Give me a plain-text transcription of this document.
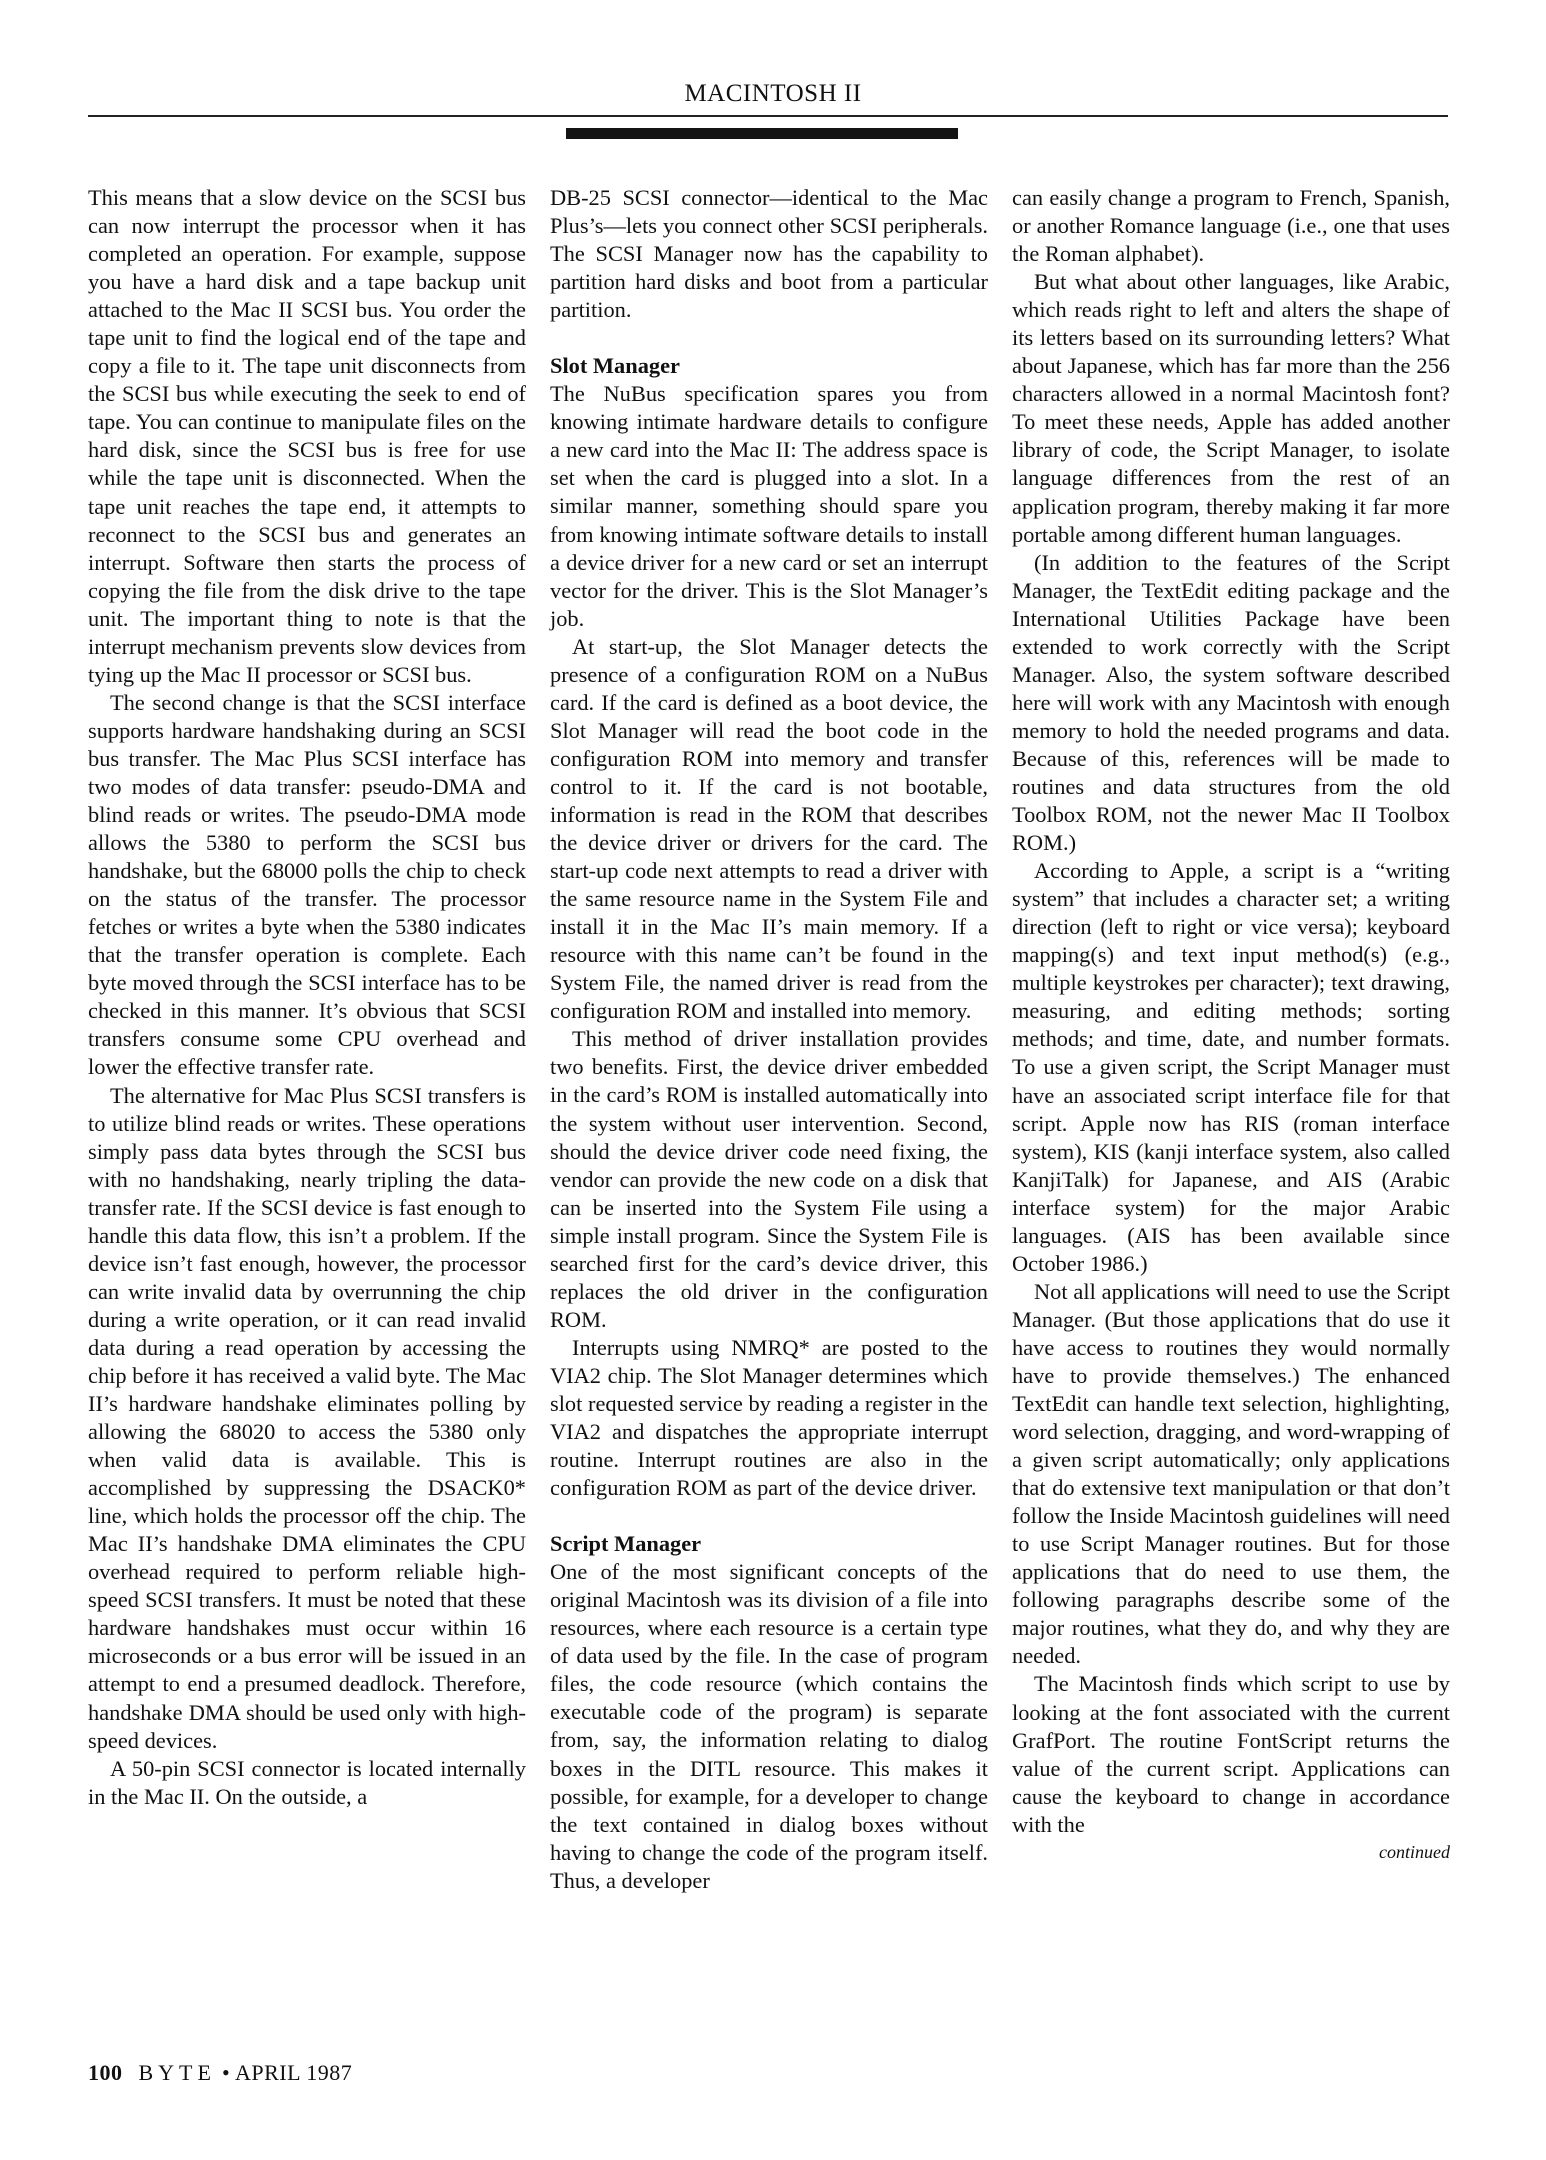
MACINTOSH II

This means that a slow device on the SCSI bus can now interrupt the processor when it has completed an operation. For example, suppose you have a hard disk and a tape backup unit attached to the Mac II SCSI bus. You order the tape unit to find the logical end of the tape and copy a file to it. The tape unit disconnects from the SCSI bus while executing the seek to end of tape. You can continue to manipulate files on the hard disk, since the SCSI bus is free for use while the tape unit is disconnected. When the tape unit reaches the tape end, it attempts to reconnect to the SCSI bus and generates an interrupt. Software then starts the process of copying the file from the disk drive to the tape unit. The important thing to note is that the interrupt mechanism prevents slow devices from tying up the Mac II processor or SCSI bus.

The second change is that the SCSI interface supports hardware handshaking during an SCSI bus transfer. The Mac Plus SCSI interface has two modes of data transfer: pseudo-DMA and blind reads or writes. The pseudo-DMA mode allows the 5380 to perform the SCSI bus handshake, but the 68000 polls the chip to check on the status of the transfer. The processor fetches or writes a byte when the 5380 indicates that the transfer operation is complete. Each byte moved through the SCSI interface has to be checked in this manner. It’s obvious that SCSI transfers consume some CPU overhead and lower the effective transfer rate.

The alternative for Mac Plus SCSI transfers is to utilize blind reads or writes. These operations simply pass data bytes through the SCSI bus with no handshaking, nearly tripling the data-transfer rate. If the SCSI device is fast enough to handle this data flow, this isn’t a problem. If the device isn’t fast enough, however, the processor can write invalid data by overrunning the chip during a write operation, or it can read invalid data during a read operation by accessing the chip before it has received a valid byte. The Mac II’s hardware handshake eliminates polling by allowing the 68020 to access the 5380 only when valid data is available. This is accomplished by suppressing the DSACK0* line, which holds the processor off the chip. The Mac II’s handshake DMA eliminates the CPU overhead required to perform reliable high-speed SCSI transfers. It must be noted that these hardware handshakes must occur within 16 microseconds or a bus error will be issued in an attempt to end a presumed deadlock. Therefore, handshake DMA should be used only with high-speed devices.

A 50-pin SCSI connector is located internally in the Mac II. On the outside, a

DB-25 SCSI connector—identical to the Mac Plus’s—lets you connect other SCSI peripherals. The SCSI Manager now has the capability to partition hard disks and boot from a particular partition.

Slot Manager

The NuBus specification spares you from knowing intimate hardware details to configure a new card into the Mac II: The address space is set when the card is plugged into a slot. In a similar manner, something should spare you from knowing intimate software details to install a device driver for a new card or set an interrupt vector for the driver. This is the Slot Manager’s job.

At start-up, the Slot Manager detects the presence of a configuration ROM on a NuBus card. If the card is defined as a boot device, the Slot Manager will read the boot code in the configuration ROM into memory and transfer control to it. If the card is not bootable, information is read in the ROM that describes the device driver or drivers for the card. The start-up code next attempts to read a driver with the same resource name in the System File and install it in the Mac II’s main memory. If a resource with this name can’t be found in the System File, the named driver is read from the configuration ROM and installed into memory.

This method of driver installation provides two benefits. First, the device driver embedded in the card’s ROM is installed automatically into the system without user intervention. Second, should the device driver code need fixing, the vendor can provide the new code on a disk that can be inserted into the System File using a simple install program. Since the System File is searched first for the card’s device driver, this replaces the old driver in the configuration ROM.

Interrupts using NMRQ* are posted to the VIA2 chip. The Slot Manager determines which slot requested service by reading a register in the VIA2 and dispatches the appropriate interrupt routine. Interrupt routines are also in the configuration ROM as part of the device driver.

Script Manager

One of the most significant concepts of the original Macintosh was its division of a file into resources, where each resource is a certain type of data used by the file. In the case of program files, the code resource (which contains the executable code of the program) is separate from, say, the information relating to dialog boxes in the DITL resource. This makes it possible, for example, for a developer to change the text contained in dialog boxes without having to change the code of the program itself. Thus, a developer

can easily change a program to French, Spanish, or another Romance language (i.e., one that uses the Roman alphabet).

But what about other languages, like Arabic, which reads right to left and alters the shape of its letters based on its surrounding letters? What about Japanese, which has far more than the 256 characters allowed in a normal Macintosh font? To meet these needs, Apple has added another library of code, the Script Manager, to isolate language differences from the rest of an application program, thereby making it far more portable among different human languages.

(In addition to the features of the Script Manager, the TextEdit editing package and the International Utilities Package have been extended to work correctly with the Script Manager. Also, the system software described here will work with any Macintosh with enough memory to hold the needed programs and data. Because of this, references will be made to routines and data structures from the old Toolbox ROM, not the newer Mac II Toolbox ROM.)

According to Apple, a script is a “writing system” that includes a character set; a writing direction (left to right or vice versa); keyboard mapping(s) and text input method(s) (e.g., multiple keystrokes per character); text drawing, measuring, and editing methods; sorting methods; and time, date, and number formats. To use a given script, the Script Manager must have an associated script interface file for that script. Apple now has RIS (roman interface system), KIS (kanji interface system, also called KanjiTalk) for Japanese, and AIS (Arabic interface system) for the major Arabic languages. (AIS has been available since October 1986.)

Not all applications will need to use the Script Manager. (But those applications that do use it have access to routines they would normally have to provide themselves.) The enhanced TextEdit can handle text selection, highlighting, word selection, dragging, and word-wrapping of a given script automatically; only applications that do extensive text manipulation or that don’t follow the Inside Macintosh guidelines will need to use Script Manager routines. But for those applications that do need to use them, the following paragraphs describe some of the major routines, what they do, and why they are needed.

The Macintosh finds which script to use by looking at the font associated with the current GrafPort. The routine FontScript returns the value of the current script. Applications can cause the keyboard to change in accordance with the

continued
100 BYTE • APRIL 1987
